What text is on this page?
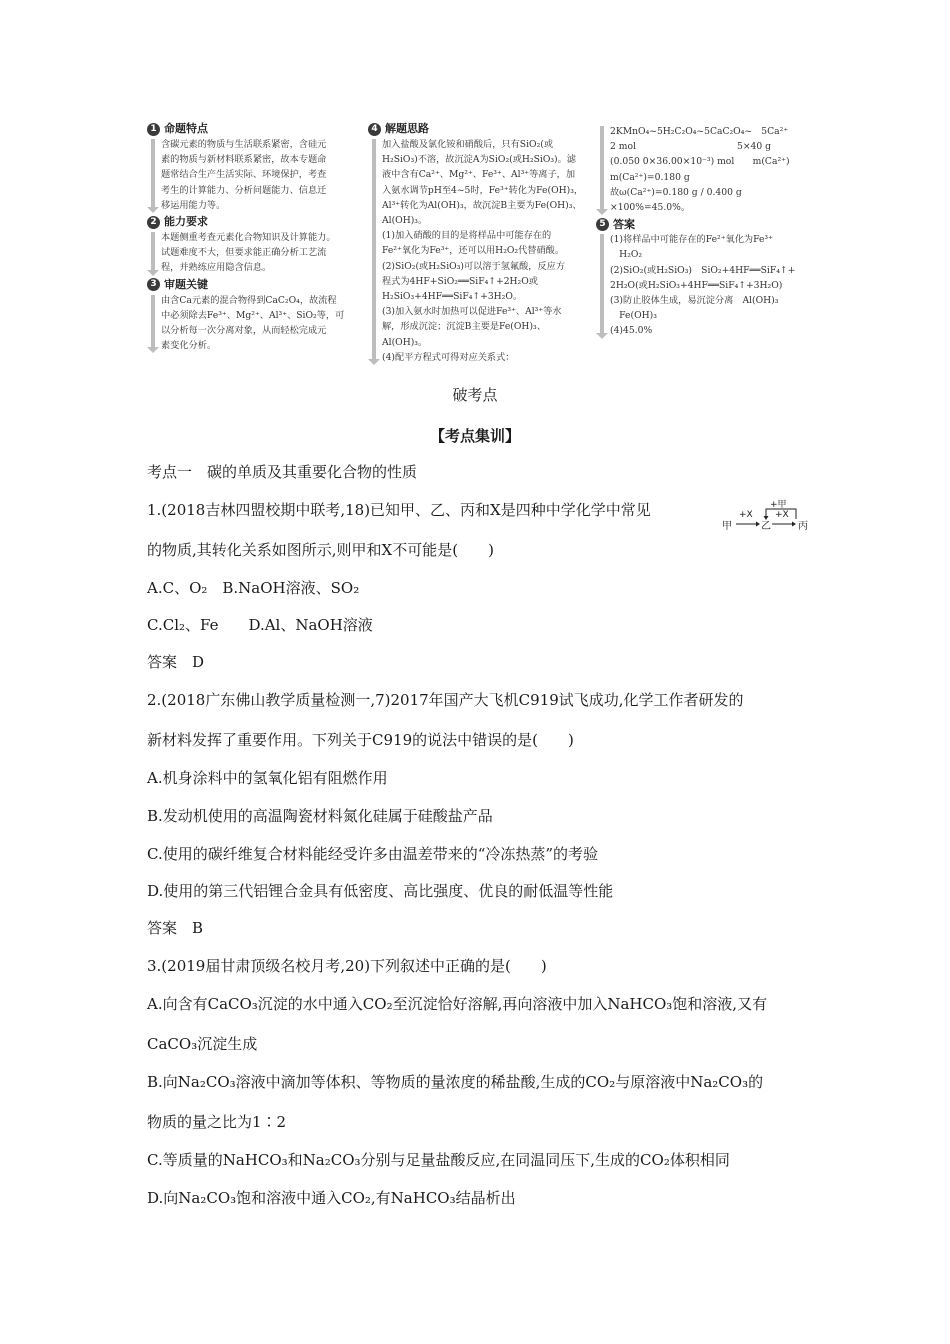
1 命题特点

含碳元素的物质与生活联系紧密，含硅元

素的物质与新材料联系紧密，故本专题命

题常结合生产生活实际、环境保护，考查

考生的计算能力、分析问题能力、信息迁

移运用能力等。

2 能力要求

本题侧重考查元素化合物知识及计算能力。

试题难度不大，但要求能正确分析工艺流

程，并熟练应用隐含信息。

3 审题关键

由含Ca元素的混合物得到CaC₂O₄，故流程

中必须除去Fe³⁺、Mg²⁺、Al³⁺、SiO₂等，可

以分析每一次分离对象，从而轻松完成元

素变化分析。

4 解题思路

加入盐酸及氯化铵和硝酸后，只有SiO₂(或

H₂SiO₃)不溶，故沉淀A为SiO₂(或H₂SiO₃)。滤

液中含有Ca²⁺、Mg²⁺、Fe³⁺、Al³⁺等离子，加

入氨水调节pH至4~5时，Fe³⁺转化为Fe(OH)₃，

Al³⁺转化为Al(OH)₃，故沉淀B主要为Fe(OH)₃、

Al(OH)₃。

(1)加入硝酸的目的是将样品中可能存在的

Fe²⁺氧化为Fe³⁺，还可以用H₂O₂代替硝酸。

(2)SiO₂(或H₂SiO₃)可以溶于氢氟酸，反应方

程式为4HF+SiO₂══SiF₄↑+2H₂O或

H₂SiO₃+4HF══SiF₄↑+3H₂O。

(3)加入氨水时加热可以促进Fe³⁺、Al³⁺等水

解，形成沉淀；沉淀B主要是Fe(OH)₃、Al(OH)₃。

(4)配平方程式可得对应关系式：

2KMnO₄~5H₂C₂O₄~5CaC₂O₄~　5Ca²⁺

2 mol　　　　　　　　　　　5×40 g

(0.050 0×36.00×10⁻³) mol　　m(Ca²⁺)

m(Ca²⁺)=0.180 g

故ω(Ca²⁺)=0.180 g / 0.400 g ×100%=45.0%。

5 答案

(1)将样品中可能存在的Fe²⁺氧化为Fe³⁺

　H₂O₂

(2)SiO₂(或H₂SiO₃)　SiO₂+4HF══SiF₄↑+

2H₂O(或H₂SiO₃+4HF══SiF₄↑+3H₂O)

(3)防止胶体生成，易沉淀分离　Al(OH)₃

　Fe(OH)₃

(4)45.0%

破考点
【考点集训】
考点一　碳的单质及其重要化合物的性质
1.(2018吉林四盟校期中联考,18)已知甲、乙、丙和X是四种中学化学中常见
的物质,其转化关系如图所示,则甲和X不可能是(　　)
A.C、O₂　B.NaOH溶液、SO₂
C.Cl₂、Fe　　D.Al、NaOH溶液
答案　D
甲	乙	丙
+X +X
+甲
2.(2018广东佛山教学质量检测一,7)2017年国产大飞机C919试飞成功,化学工作者研发的
新材料发挥了重要作用。下列关于C919的说法中错误的是(　　)
A.机身涂料中的氢氧化铝有阻燃作用
B.发动机使用的高温陶瓷材料氮化硅属于硅酸盐产品
C.使用的碳纤维复合材料能经受许多由温差带来的“冷冻热蒸”的考验
D.使用的第三代铝锂合金具有低密度、高比强度、优良的耐低温等性能
答案　B
3.(2019届甘肃顶级名校月考,20)下列叙述中正确的是(　　)
A.向含有CaCO₃沉淀的水中通入CO₂至沉淀恰好溶解,再向溶液中加入NaHCO₃饱和溶液,又有
CaCO₃沉淀生成
B.向Na₂CO₃溶液中滴加等体积、等物质的量浓度的稀盐酸,生成的CO₂与原溶液中Na₂CO₃的
物质的量之比为1∶2
C.等质量的NaHCO₃和Na₂CO₃分别与足量盐酸反应,在同温同压下,生成的CO₂体积相同
D.向Na₂CO₃饱和溶液中通入CO₂,有NaHCO₃结晶析出
